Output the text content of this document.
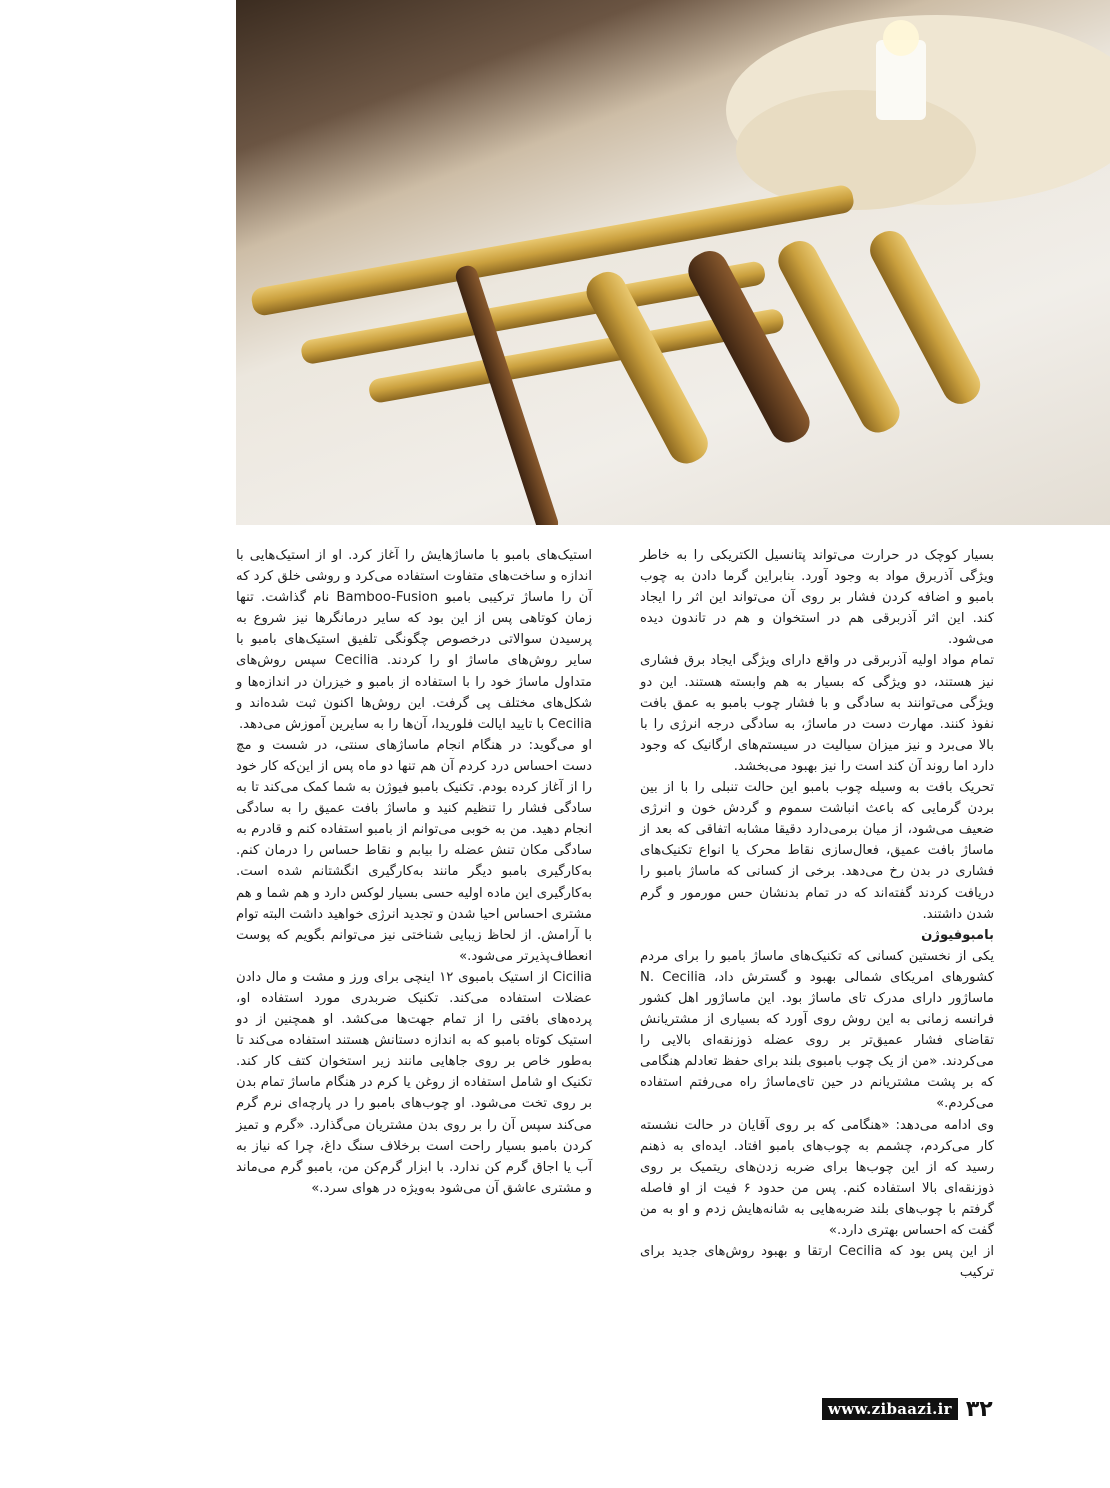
بسیار کوچک در حرارت می‌تواند پتانسیل الکتریکی را به خاطر ویژگی آذربرق مواد به وجود آورد. بنابراین گرما دادن به چوب بامبو و اضافه کردن فشار بر روی آن می‌تواند این اثر را ایجاد کند. این اثر آذربرقی هم در استخوان و هم در تاندون دیده می‌شود.

تمام مواد اولیه آذربرقی در واقع دارای ویژگی ایجاد برق فشاری نیز هستند، دو ویژگی که بسیار به هم وابسته هستند. این دو ویژگی می‌توانند به سادگی و با فشار چوب بامبو به عمق بافت نفوذ کنند. مهارت دست در ماساژ، به سادگی درجه انرژی را با بالا می‌برد و نیز میزان سیالیت در سیستم‌های ارگانیک که وجود دارد اما روند آن کند است را نیز بهبود می‌بخشد.

تحریک بافت به وسیله چوب بامبو این حالت تنبلی را با از بین بردن گرمایی که باعث انباشت سموم و گردش خون و انرژی ضعیف می‌شود، از میان برمی‌دارد دقیقا مشابه اتفاقی که بعد از ماساژ بافت عمیق، فعال‌سازی نقاط محرک یا انواع تکنیک‌های فشاری در بدن رخ می‌دهد. برخی از کسانی که ماساژ بامبو را دریافت کردند گفته‌اند که در تمام بدنشان حس مورمور و گرم شدن داشتند.

بامبوفیوژن

یکی از نخستین کسانی که تکنیک‌های ماساژ بامبو را برای مردم کشورهای امریکای شمالی بهبود و گسترش داد، N. Cecilia ماساژور دارای مدرک تای ماساژ بود. این ماساژور اهل کشور فرانسه زمانی به این روش روی آورد که بسیاری از مشتریانش تقاضای فشار عمیق‌تر بر روی عضله ذوزنقه‌ای بالایی را می‌کردند. «من از یک چوب بامبوی بلند برای حفظ تعادلم هنگامی که بر پشت مشتریانم در حین تای‌ماساژ راه می‌رفتم استفاده می‌کردم.»

وی ادامه می‌دهد: «هنگامی که بر روی آقایان در حالت نشسته کار می‌کردم، چشمم به چوب‌های بامبو افتاد. ایده‌ای به ذهنم رسید که از این چوب‌ها برای ضربه زدن‌های ریتمیک بر روی ذوزنقه‌ای بالا استفاده کنم. پس من حدود ۶ فیت از او فاصله گرفتم با چوب‌های بلند ضربه‌هایی به شانه‌هایش زدم و او به من گفت که احساس بهتری دارد.»

از این پس بود که Cecilia ارتقا و بهبود روش‌های جدید برای ترکیب

استیک‌های بامبو با ماساژهایش را آغاز کرد. او از استیک‌هایی با اندازه و ساخت‌های متفاوت استفاده می‌کرد و روشی خلق کرد که آن را ماساژ ترکیبی بامبو Bamboo-Fusion نام گذاشت. تنها زمان کوتاهی پس از این بود که سایر درمانگرها نیز شروع به پرسیدن سوالاتی درخصوص چگونگی تلفیق استیک‌های بامبو با سایر روش‌های ماساژ او را کردند. Cecilia سپس روش‌های متداول ماساژ خود را با استفاده از بامبو و خیزران در اندازه‌ها و شکل‌های مختلف پی گرفت. این روش‌ها اکنون ثبت شده‌اند و Cecilia با تایید ایالت فلوریدا، آن‌ها را به سایرین آموزش می‌دهد.

او می‌گوید: در هنگام انجام ماساژهای سنتی، در شست و مچ دست احساس درد کردم آن هم تنها دو ماه پس از این‌که کار خود را از آغاز کرده بودم. تکنیک بامبو فیوژن به شما کمک می‌کند تا به سادگی فشار را تنظیم کنید و ماساژ بافت عمیق را به سادگی انجام دهید. من به خوبی می‌توانم از بامبو استفاده کنم و قادرم به سادگی مکان تنش عضله را بیابم و نقاط حساس را درمان کنم. به‌کارگیری بامبو دیگر مانند به‌کارگیری انگشتانم شده است. به‌کارگیری این ماده اولیه حسی بسیار لوکس دارد و هم شما و هم مشتری احساس احیا شدن و تجدید انرژی خواهید داشت البته توام با آرامش. از لحاظ زیبایی شناختی نیز می‌توانم بگویم که پوست انعطاف‌پذیرتر می‌شود.»

Cicilia از استیک بامبوی ۱۲ اینچی برای ورز و مشت و مال دادن عضلات استفاده می‌کند. تکنیک ضربدری مورد استفاده او، پرده‌های بافتی را از تمام جهت‌ها می‌کشد. او همچنین از دو استیک کوتاه بامبو که به اندازه دستانش هستند استفاده می‌کند تا به‌طور خاص بر روی جاهایی مانند زیر استخوان کتف کار کند. تکنیک او شامل استفاده از روغن یا کرم در هنگام ماساژ تمام بدن بر روی تخت می‌شود. او چوب‌های بامبو را در پارچه‌ای نرم گرم می‌کند سپس آن را بر روی بدن مشتریان می‌گذارد. «گرم و تمیز کردن بامبو بسیار راحت است برخلاف سنگ داغ، چرا که نیاز به آب یا اجاق گرم کن ندارد. با ابزار گرم‌کن من، بامبو گرم می‌ماند و مشتری عاشق آن می‌شود به‌ویژه در هوای سرد.»

www.zibaazi.ir ۳۲
